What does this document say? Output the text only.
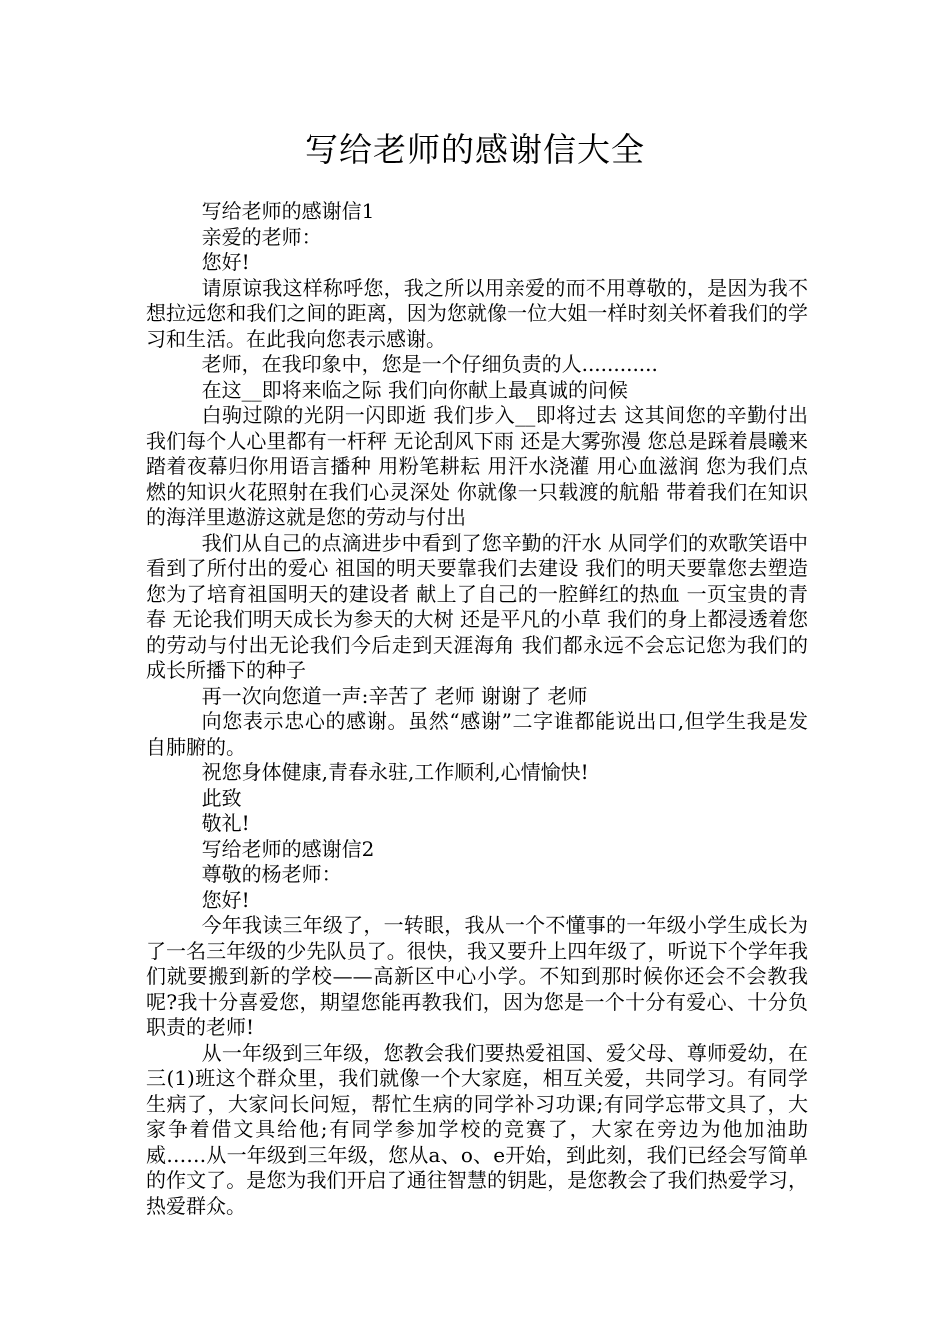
写给老师的感谢信大全

写给老师的感谢信1

亲爱的老师：

您好!

请原谅我这样称呼您，我之所以用亲爱的而不用尊敬的，是因为我不想拉远您和我们之间的距离，因为您就像一位大姐一样时刻关怀着我们的学习和生活。在此我向您表示感谢。

老师，在我印象中，您是一个仔细负责的人............

在这__即将来临之际 我们向你献上最真诚的问候

白驹过隙的光阴一闪即逝 我们步入__即将过去 这其间您的辛勤付出我们每个人心里都有一杆秤 无论刮风下雨 还是大雾弥漫 您总是踩着晨曦来 踏着夜幕归你用语言播种 用粉笔耕耘 用汗水浇灌 用心血滋润 您为我们点燃的知识火花照射在我们心灵深处 你就像一只载渡的航船 带着我们在知识的海洋里遨游这就是您的劳动与付出

我们从自己的点滴进步中看到了您辛勤的汗水 从同学们的欢歌笑语中看到了所付出的爱心 祖国的明天要靠我们去建设 我们的明天要靠您去塑造您为了培育祖国明天的建设者 献上了自己的一腔鲜红的热血 一页宝贵的青春 无论我们明天成长为参天的大树 还是平凡的小草 我们的身上都浸透着您的劳动与付出无论我们今后走到天涯海角 我们都永远不会忘记您为我们的成长所播下的种子

再一次向您道一声:辛苦了 老师 谢谢了 老师

向您表示忠心的感谢。虽然“感谢”二字谁都能说出口,但学生我是发自肺腑的。

祝您身体健康,青春永驻,工作顺利,心情愉快!

此致

敬礼!

写给老师的感谢信2

尊敬的杨老师：

您好!

今年我读三年级了，一转眼，我从一个不懂事的一年级小学生成长为了一名三年级的少先队员了。很快，我又要升上四年级了，听说下个学年我们就要搬到新的学校——高新区中心小学。不知到那时候你还会不会教我呢?我十分喜爱您，期望您能再教我们，因为您是一个十分有爱心、十分负职责的老师!

从一年级到三年级，您教会我们要热爱祖国、爱父母、尊师爱幼，在三(1)班这个群众里，我们就像一个大家庭，相互关爱，共同学习。有同学生病了，大家问长问短，帮忙生病的同学补习功课;有同学忘带文具了，大家争着借文具给他;有同学参加学校的竞赛了，大家在旁边为他加油助威……从一年级到三年级，您从a、o、e开始，到此刻，我们已经会写简单的作文了。是您为我们开启了通往智慧的钥匙，是您教会了我们热爱学习，热爱群众。
